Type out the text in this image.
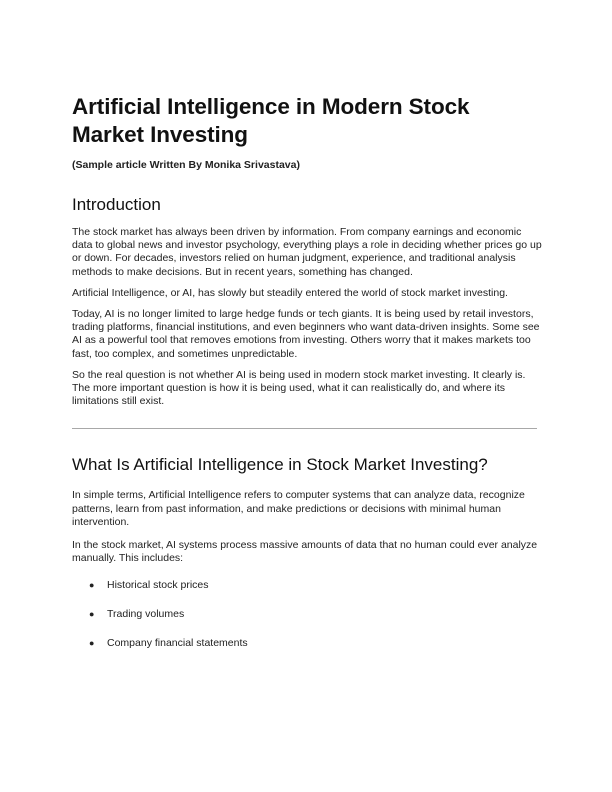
Artificial Intelligence in Modern Stock
Market Investing

(Sample article Written By Monika Srivastava)

Introduction

The stock market has always been driven by information. From company earnings and economic data to global news and investor psychology, everything plays a role in deciding whether prices go up or down. For decades, investors relied on human judgment, experience, and traditional analysis methods to make decisions. But in recent years, something has changed.

Artificial Intelligence, or AI, has slowly but steadily entered the world of stock market investing.

Today, AI is no longer limited to large hedge funds or tech giants. It is being used by retail investors, trading platforms, financial institutions, and even beginners who want data-driven insights. Some see AI as a powerful tool that removes emotions from investing. Others worry that it makes markets too fast, too complex, and sometimes unpredictable.

So the real question is not whether AI is being used in modern stock market investing. It clearly is. The more important question is how it is being used, what it can realistically do, and where its limitations still exist.

What Is Artificial Intelligence in Stock Market Investing?

In simple terms, Artificial Intelligence refers to computer systems that can analyze data, recognize patterns, learn from past information, and make predictions or decisions with minimal human intervention.

In the stock market, AI systems process massive amounts of data that no human could ever analyze manually. This includes:

● Historical stock prices
● Trading volumes
● Company financial statements
